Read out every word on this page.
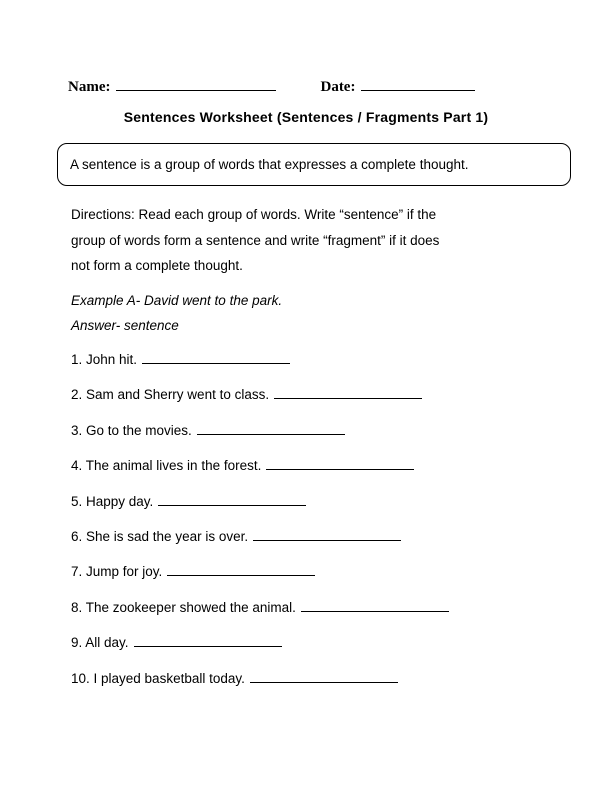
Name:	Date:
Sentences Worksheet (Sentences / Fragments Part 1)
A sentence is a group of words that expresses a complete thought.
Directions: Read each group of words. Write “sentence” if the
group of words form a sentence and write “fragment” if it does
not form a complete thought.
Example A- David went to the park.
Answer- sentence
1. John hit.
2. Sam and Sherry went to class.
3. Go to the movies.
4. The animal lives in the forest.
5. Happy day.
6. She is sad the year is over.
7. Jump for joy.
8. The zookeeper showed the animal.
9. All day.
10. I played basketball today.
